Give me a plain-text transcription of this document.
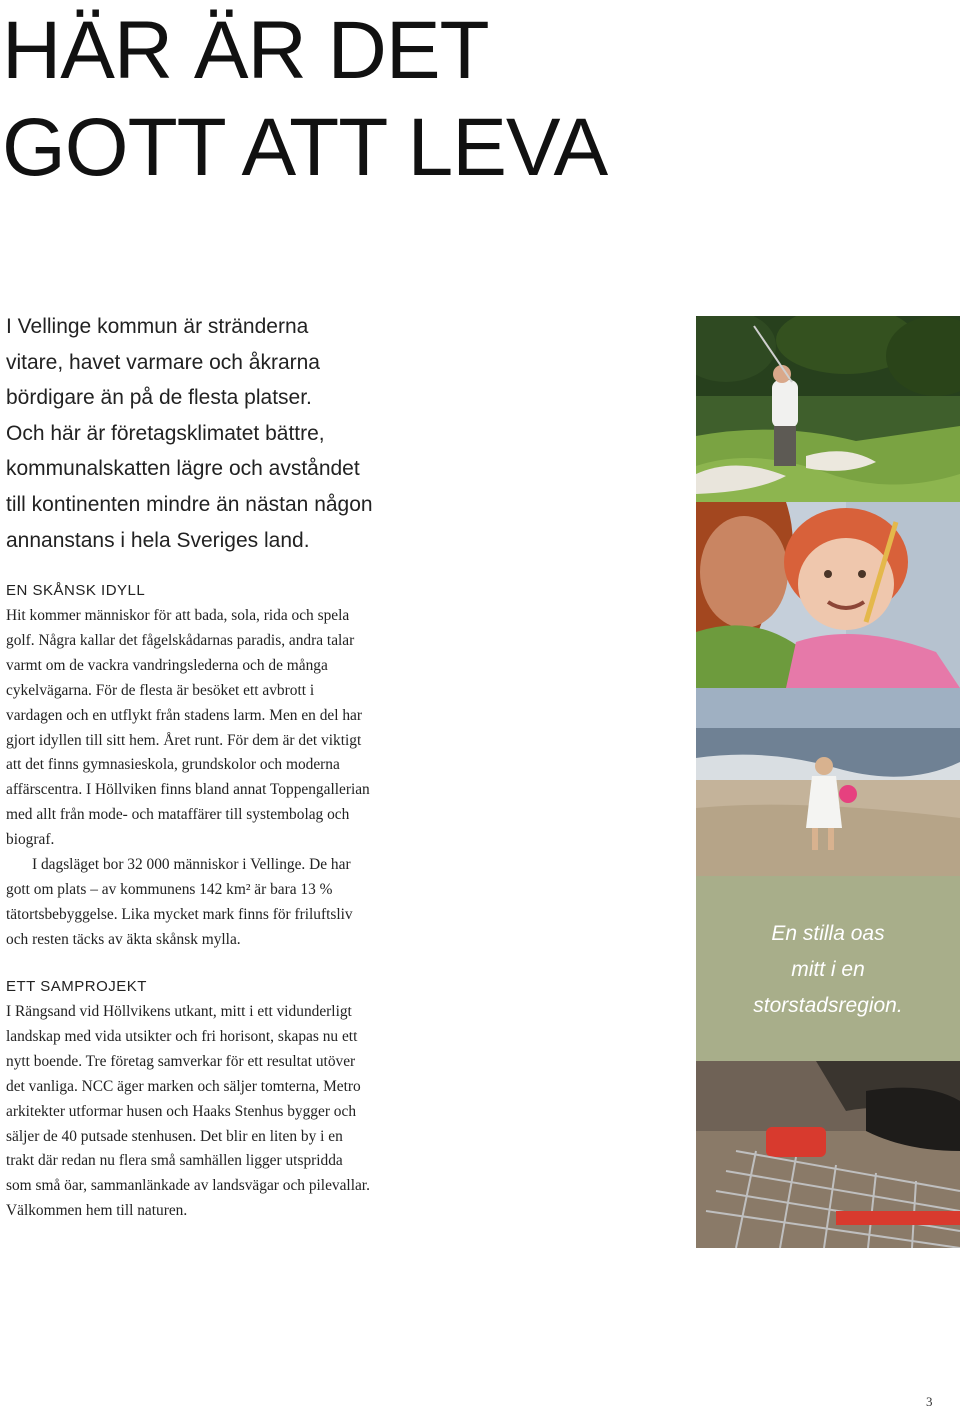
HÄR ÄR DET
GOTT ATT LEVA

I Vellinge kommun är stränderna
vitare, havet varmare och åkrarna
bördigare än på de flesta platser.
Och här är företagsklimatet bättre,
kommunalskatten lägre och avståndet
till kontinenten mindre än nästan någon
annanstans i hela Sveriges land.

EN SKÅNSK IDYLL

Hit kommer människor för att bada, sola, rida och spela
golf. Några kallar det fågelskådarnas paradis, andra talar
varmt om de vackra vandringslederna och de många
cykelvägarna. För de flesta är besöket ett avbrott i
vardagen och en utflykt från stadens larm. Men en del har
gjort idyllen till sitt hem. Året runt. För dem är det viktigt
att det finns gymnasieskola, grundskolor och moderna
affärscentra. I Höllviken finns bland annat Toppengallerian
med allt från mode- och mataffärer till systembolag och
biograf.
I dagsläget bor 32 000 människor i Vellinge. De har
gott om plats – av kommunens 142 km² är bara 13 %
tätortsbebyggelse. Lika mycket mark finns för friluftsliv
och resten täcks av äkta skånsk mylla.

ETT SAMPROJEKT

I Rängsand vid Höllvikens utkant, mitt i ett vidunderligt
landskap med vida utsikter och fri horisont, skapas nu ett
nytt boende. Tre företag samverkar för ett resultat utöver
det vanliga. NCC äger marken och säljer tomterna, Metro
arkitekter utformar husen och Haaks Stenhus bygger och
säljer de 40 putsade stenhusen. Det blir en liten by i en
trakt där redan nu flera små samhällen ligger utspridda
som små öar, sammanlänkade av landsvägar och pilevallar.
Välkommen hem till naturen.

En stilla oas
mitt i en
storstadsregion.

3
